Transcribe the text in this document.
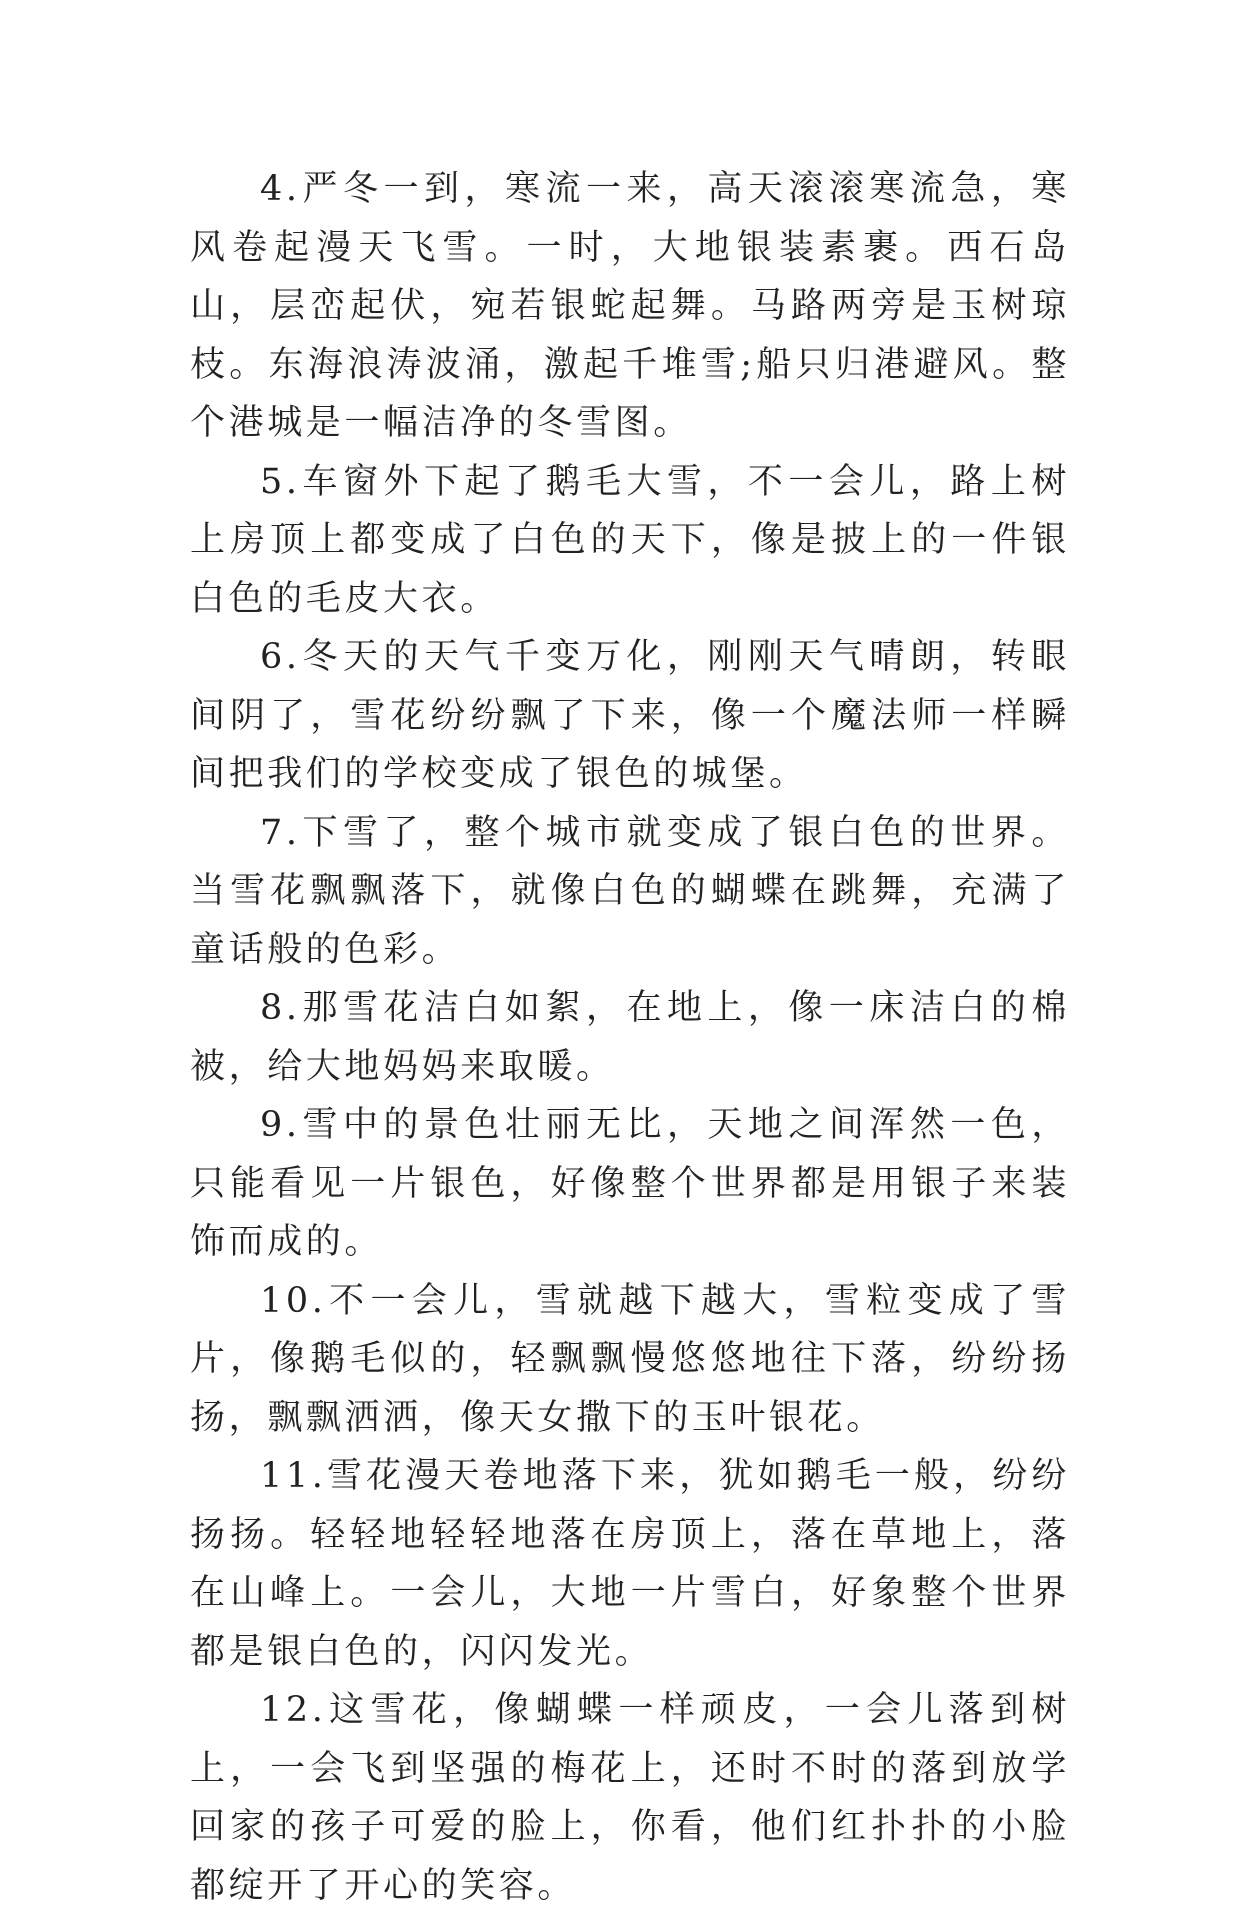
4.严冬一到，寒流一来，高天滚滚寒流急，寒风卷起漫天飞雪。一时，大地银装素裹。西石岛山，层峦起伏，宛若银蛇起舞。马路两旁是玉树琼枝。东海浪涛波涌，激起千堆雪;船只归港避风。整个港城是一幅洁净的冬雪图。

5.车窗外下起了鹅毛大雪，不一会儿，路上树上房顶上都变成了白色的天下，像是披上的一件银白色的毛皮大衣。

6.冬天的天气千变万化，刚刚天气晴朗，转眼间阴了，雪花纷纷飘了下来，像一个魔法师一样瞬间把我们的学校变成了银色的城堡。

7.下雪了，整个城市就变成了银白色的世界。当雪花飘飘落下，就像白色的蝴蝶在跳舞，充满了童话般的色彩。

8.那雪花洁白如絮，在地上，像一床洁白的棉被，给大地妈妈来取暖。

9.雪中的景色壮丽无比，天地之间浑然一色，只能看见一片银色，好像整个世界都是用银子来装饰而成的。

10.不一会儿，雪就越下越大，雪粒变成了雪片，像鹅毛似的，轻飘飘慢悠悠地往下落，纷纷扬扬，飘飘洒洒，像天女撒下的玉叶银花。

11.雪花漫天卷地落下来，犹如鹅毛一般，纷纷扬扬。轻轻地轻轻地落在房顶上，落在草地上，落在山峰上。一会儿，大地一片雪白，好象整个世界都是银白色的，闪闪发光。

12.这雪花，像蝴蝶一样顽皮，一会儿落到树上，一会飞到坚强的梅花上，还时不时的落到放学回家的孩子可爱的脸上，你看，他们红扑扑的小脸都绽开了开心的笑容。
